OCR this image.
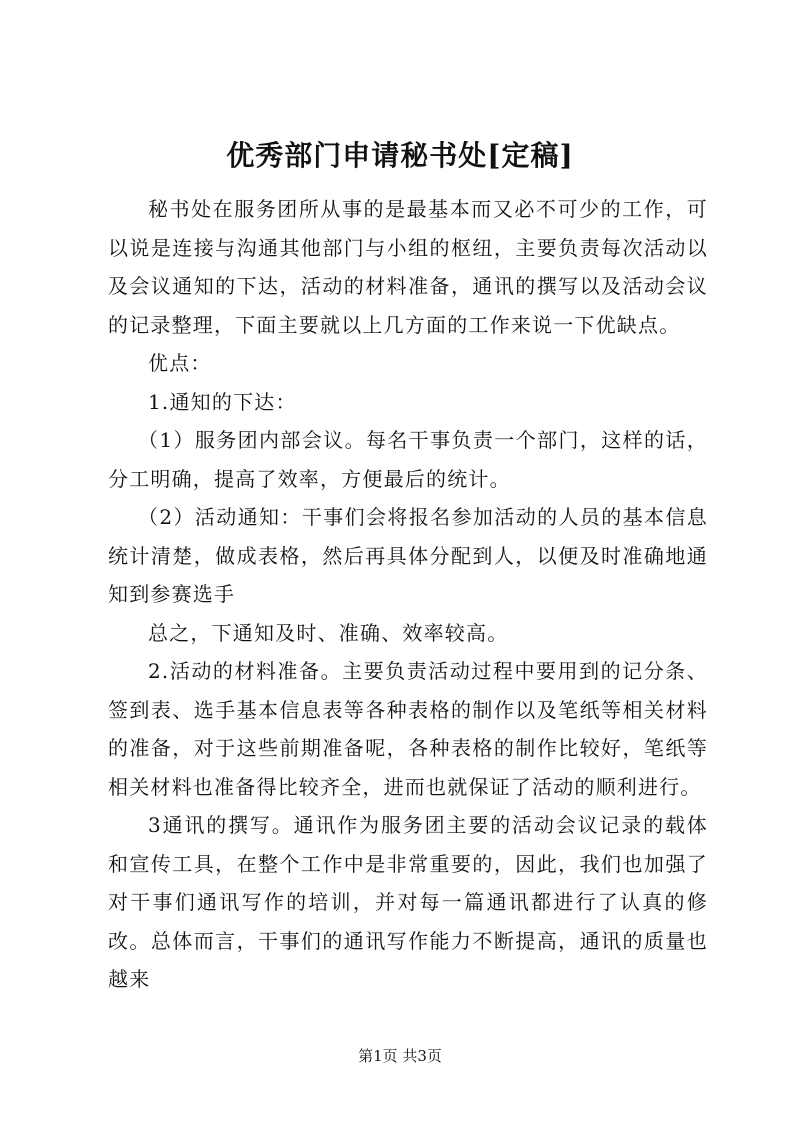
优秀部门申请秘书处[定稿]

秘书处在服务团所从事的是最基本而又必不可少的工作，可以说是连接与沟通其他部门与小组的枢纽，主要负责每次活动以及会议通知的下达，活动的材料准备，通讯的撰写以及活动会议的记录整理，下面主要就以上几方面的工作来说一下优缺点。

优点：

1.通知的下达：

（1）服务团内部会议。每名干事负责一个部门，这样的话，分工明确，提高了效率，方便最后的统计。

（2）活动通知：干事们会将报名参加活动的人员的基本信息统计清楚，做成表格，然后再具体分配到人，以便及时准确地通知到参赛选手

总之，下通知及时、准确、效率较高。

2.活动的材料准备。主要负责活动过程中要用到的记分条、签到表、选手基本信息表等各种表格的制作以及笔纸等相关材料的准备，对于这些前期准备呢，各种表格的制作比较好，笔纸等相关材料也准备得比较齐全，进而也就保证了活动的顺利进行。

3通讯的撰写。通讯作为服务团主要的活动会议记录的载体和宣传工具，在整个工作中是非常重要的，因此，我们也加强了对干事们通讯写作的培训，并对每一篇通讯都进行了认真的修改。总体而言，干事们的通讯写作能力不断提高，通讯的质量也越来

第1页 共3页
